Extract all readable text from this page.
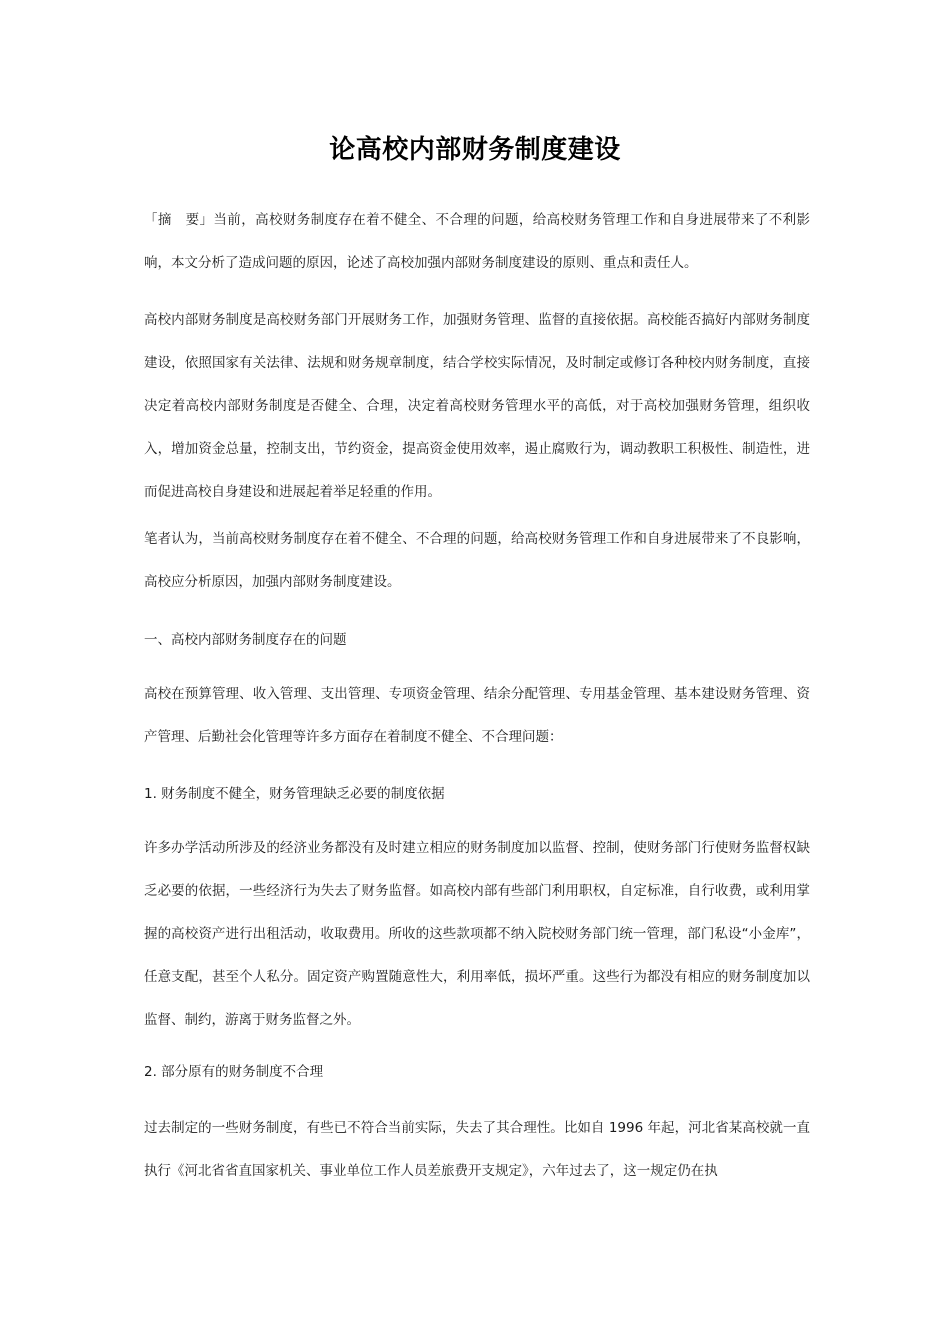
论高校内部财务制度建设
「摘　要」当前，高校财务制度存在着不健全、不合理的问题，给高校财务管理工作和自身进展带来了不利影响，本文分析了造成问题的原因，论述了高校加强内部财务制度建设的原则、重点和责任人。
高校内部财务制度是高校财务部门开展财务工作，加强财务管理、监督的直接依据。高校能否搞好内部财务制度建设，依照国家有关法律、法规和财务规章制度，结合学校实际情况，及时制定或修订各种校内财务制度，直接决定着高校内部财务制度是否健全、合理，决定着高校财务管理水平的高低，对于高校加强财务管理，组织收入，增加资金总量，控制支出，节约资金，提高资金使用效率，遏止腐败行为，调动教职工积极性、制造性，进而促进高校自身建设和进展起着举足轻重的作用。
笔者认为，当前高校财务制度存在着不健全、不合理的问题，给高校财务管理工作和自身进展带来了不良影响，高校应分析原因，加强内部财务制度建设。
一、高校内部财务制度存在的问题
高校在预算管理、收入管理、支出管理、专项资金管理、结余分配管理、专用基金管理、基本建设财务管理、资产管理、后勤社会化管理等许多方面存在着制度不健全、不合理问题：
1. 财务制度不健全，财务管理缺乏必要的制度依据
许多办学活动所涉及的经济业务都没有及时建立相应的财务制度加以监督、控制，使财务部门行使财务监督权缺乏必要的依据，一些经济行为失去了财务监督。如高校内部有些部门利用职权，自定标准，自行收费，或利用掌握的高校资产进行出租活动，收取费用。所收的这些款项都不纳入院校财务部门统一管理，部门私设“小金库”，任意支配，甚至个人私分。固定资产购置随意性大，利用率低，损坏严重。这些行为都没有相应的财务制度加以监督、制约，游离于财务监督之外。
2. 部分原有的财务制度不合理
过去制定的一些财务制度，有些已不符合当前实际，失去了其合理性。比如自 1996 年起，河北省某高校就一直执行《河北省省直国家机关、事业单位工作人员差旅费开支规定》，六年过去了，这一规定仍在执
